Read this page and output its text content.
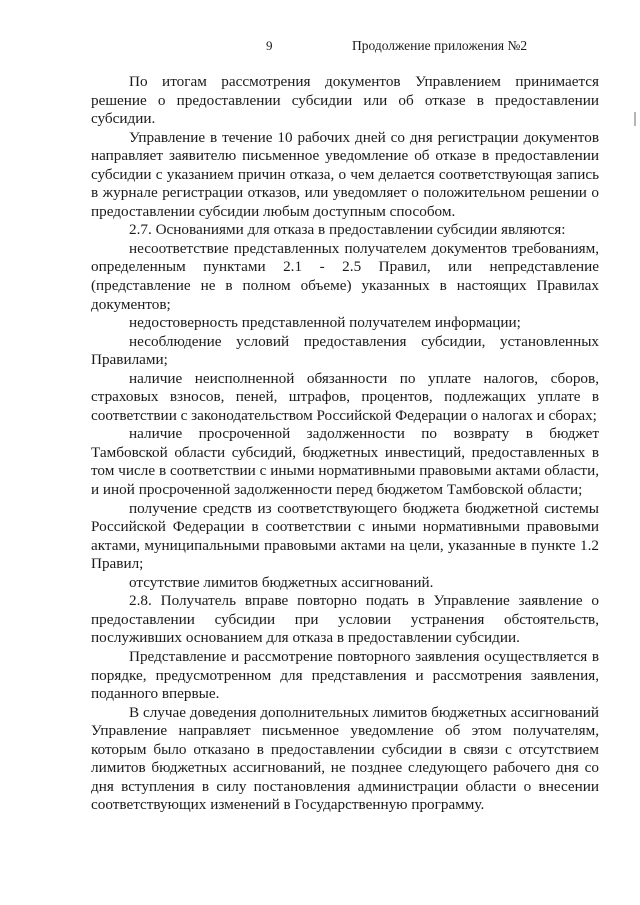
9	Продолжение приложения №2

По итогам рассмотрения документов Управлением принимается решение о предоставлении субсидии или об отказе в предоставлении субсидии.

Управление в течение 10 рабочих дней со дня регистрации документов направляет заявителю письменное уведомление об отказе в предоставлении субсидии с указанием причин отказа, о чем делается соответствующая запись в журнале регистрации отказов, или уведомляет о положительном решении о предоставлении субсидии любым доступным способом.

2.7. Основаниями для отказа в предоставлении субсидии являются:

несоответствие представленных получателем документов требованиям, определенным пунктами 2.1 - 2.5 Правил, или непредставление (представление не в полном объеме) указанных в настоящих Правилах документов;

недостоверность представленной получателем информации;

несоблюдение условий предоставления субсидии, установленных Правилами;

наличие неисполненной обязанности по уплате налогов, сборов, страховых взносов, пеней, штрафов, процентов, подлежащих уплате в соответствии с законодательством Российской Федерации о налогах и сборах;

наличие просроченной задолженности по возврату в бюджет Тамбовской области субсидий, бюджетных инвестиций, предоставленных в том числе в соответствии с иными нормативными правовыми актами области, и иной просроченной задолженности перед бюджетом Тамбовской области;

получение средств из соответствующего бюджета бюджетной системы Российской Федерации в соответствии с иными нормативными правовыми актами, муниципальными правовыми актами на цели, указанные в пункте 1.2 Правил;

отсутствие лимитов бюджетных ассигнований.

2.8. Получатель вправе повторно подать в Управление заявление о предоставлении субсидии при условии устранения обстоятельств, послуживших основанием для отказа в предоставлении субсидии.

Представление и рассмотрение повторного заявления осуществляется в порядке, предусмотренном для представления и рассмотрения заявления, поданного впервые.

В случае доведения дополнительных лимитов бюджетных ассигнований Управление направляет письменное уведомление об этом получателям, которым было отказано в предоставлении субсидии в связи с отсутствием лимитов бюджетных ассигнований, не позднее следующего рабочего дня со дня вступления в силу постановления администрации области о внесении соответствующих изменений в Государственную программу.
